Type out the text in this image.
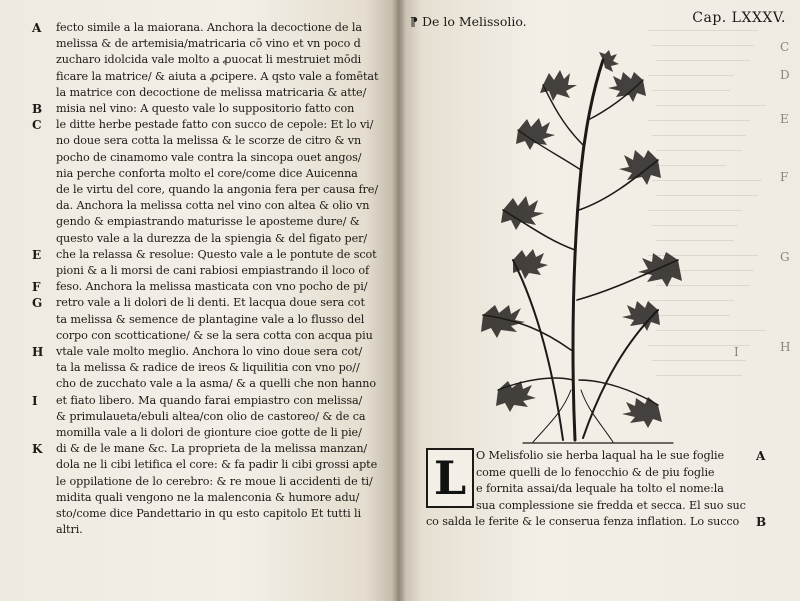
A fecto simile a la maiorana. Anchora la decoctione de la
melissa & de artemisia/matricaria cō vino et vn poco d
zucharo idolcida vale molto a ꝓuocat li mestruiet mōdi
ficare la matrice/ & aiuta a ꝓcipere. A qsto vale a fomētat
la matrice con decoctione de melissa matricaria & atte/
B misia nel vino: A questo vale lo suppositorio fatto con
C le ditte herbe pestade fatto con succo de cepole: Et lo vi/
no doue sera cotta la melissa & le scorze de citro & vn
pocho de cinamomo vale contra la sincopa ouet angos/
nia perche conforta molto el core/come dice Auicenna
de le virtu del core, quando la angonia fera per causa fre/
da. Anchora la melissa cotta nel vino con altea & olio vn
gendo & empiastrando maturisse le aposteme dure/ &
questo vale a la durezza de la spiengia & del figato per/
E che la relassa & resolue: Questo vale a le pontute de scot
pioni & a li morsi de cani rabiosi empiastrando il loco of
F feso. Anchora la melissa masticata con vno pocho de pi/
G retro vale a li dolori de li denti. Et lacqua doue sera cot
ta melissa & semence de plantagine vale a lo flusso del
corpo con scotticatione/ & se la sera cotta con acqua piu
H vtale vale molto meglio. Anchora lo vino doue sera cot/
ta la melissa & radice de ireos & liquilitia con vno po//
cho de zucchato vale a la asma/ & a quelli che non hanno
I et fiato libero. Ma quando farai empiastro con melissa/
& primulaueta/ebuli altea/con olio de castoreo/ & de ca
momilla vale a li dolori de gionture cioe gotte de li pie/
K di & de le mane &c. La proprieta de la melissa manzan/
dola ne li cibi letifica el core: & fa padir li cibi grossi apte
le oppilatione de lo cerebro: & re moue li accidenti de ti/
midita quali vengono ne la malenconia & humore adu/
sto/come dice Pandettario in qu esto capitolo Et tutti li
altri.
⁋ De lo Melissolio.	Cap. LXXXV.
L O Melisfolio sie herba laqual ha le sue foglie	A
come quelli de lo fenocchio & de piu foglie
e fornita assai/da lequale ha tolto el nome:la
sua complessione sie fredda et secca. El suo suc
co salda le ferite & le conserua fenza inflation. Lo succo B
C
D
E
F
G
H
I
